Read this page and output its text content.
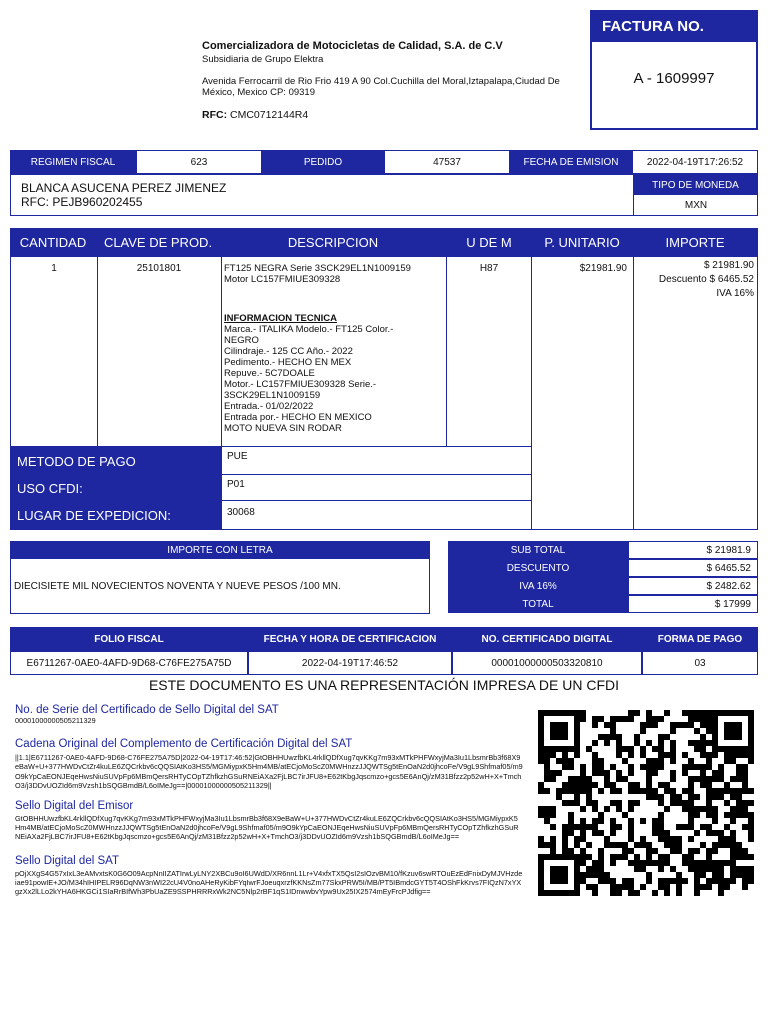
Comercializadora de Motocicletas de Calidad, S.A. de C.V
Subsidiaria de Grupo Elektra
Avenida Ferrocarril de Rio Frio 419 A 90 Col.Cuchilla del Moral,Iztapalapa,Ciudad De México, Mexico CP: 09319
RFC: CMC0712144R4
FACTURA NO.
A - 1609997
REGIMEN FISCAL	623	PEDIDO	47537	FECHA DE EMISION	2022-04-19T17:26:52
BLANCA ASUCENA PEREZ JIMENEZ
RFC: PEJB960202455
TIPO DE MONEDA
MXN
CANTIDAD	CLAVE DE PROD.	DESCRIPCION	U DE M	P. UNITARIO	IMPORTE
1	25101801	FT125 NEGRA Serie 3SCK29EL1N1009159
Motor LC157FMIUE309328
INFORMACION TECNICA
Marca.- ITALIKA Modelo.- FT125 Color.-
NEGRO
Cilindraje.- 125 CC Año.- 2022
Pedimento.- HECHO EN MEX
Repuve.- 5C7DOALE
Motor.- LC157FMIUE309328 Serie.-
3SCK29EL1N1009159
Entrada.- 01/02/2022
Entrada por.- HECHO EN MEXICO
MOTO NUEVA SIN RODAR
H87	$21981.90	$ 21981.90
Descuento $ 6465.52
IVA 16%
METODO DE PAGO	PUE
USO CFDI:	P01
LUGAR DE EXPEDICION:	30068
IMPORTE CON LETRA
DIECISIETE MIL NOVECIENTOS NOVENTA Y NUEVE PESOS /100 MN.
SUB TOTAL	$ 21981.9
DESCUENTO	$ 6465.52
IVA 16%	$ 2482.62
TOTAL	$ 17999
FOLIO FISCAL	FECHA Y HORA DE CERTIFICACION	NO. CERTIFICADO DIGITAL	FORMA DE PAGO
E6711267-0AE0-4AFD-9D68-C76FE275A75D	2022-04-19T17:46:52	00001000000503320810	03
ESTE DOCUMENTO ES UNA REPRESENTACIÓN IMPRESA DE UN CFDI
No. de Serie del Certificado de Sello Digital del SAT
00001000000505211329
Cadena Original del Complemento de Certificación Digital del SAT
||1.1|E6711267-0AE0-4AFD-9D68-C76FE275A75D|2022-04-19T17:46:52|GtOBHHUwzfbKL4rkllQDfXug7qvKKg7m93xMTkPHFWxyjMa3Iu1LbsmrBb3f68X9eBaW+U+377HWDvCtZr4kuLE6ZQCrkbv6cQQSIAtKo3HS5/MGMiypxK5Hm4MB/atECjoMoScZ0MWHnzzJJQWTSg5tEnOaN2d0jhcoFe/V9gL9Shfmaf05/m9O9kYpCaEONJEqeHwsNiuSUVpFp6MBmQersRHTyCOpTZhfkzhGSuRNEiAXa2FjLBC7irJFU8+E62tKbgJqscmzo+gcs5E6AnQj/zM31Bfzz2p52wH+X+TmchO3/j3DDvUOZId6m9Vzsh1bSQGBmdB/L6oIMeJg==|00001000000505211329||
Sello Digital del Emisor
GtOBHHUwzfbKL4rkllQDfXug7qvKKg7m93xMTkPHFWxyjMa3Iu1LbsmrBb3f68X9eBaW+U+377HWDvCtZr4kuLE6ZQCrkbv6cQQSIAtKo3HS5/MGMiypxK5Hm4MB/atECjoMoScZ0MWHnzzJJQWTSg5tEnOaN2d0jhcoFe/V9gL9Shfmaf05/m9O9kYpCaEONJEqeHwsNiuSUVpFp6MBmQersRHTyCOpTZhfkzhGSuRNEiAXa2FjLBC7irJFU8+E62tKbgJqscmzo+gcs5E6AnQj/zM31Bfzz2p52wH+X+TmchO3/j3DDvUOZId6m9Vzsh1bSQGBmdB/L6oIMeJg==
Sello Digital del SAT
pOjXXgS4G57xIxL3eAMvxtsK0G6O09AcpNnIIZATIrwLyLNY2XBCu9oI6UWdD/XR6nnL1Lr+V4xfxTX5QsI2sIOzvBM10/fKzuv6swRTOuEzEdFnixDyMJVHzdeiae91powIE+JO/M34hIHIPELR96DqNW3nWI22cU4V0noAHeRyKibFYqIwrFJoeuqxrzfKKNsZm77SkxPRW5I/MB/PT5IBmdcGYT5T4OShFkKrvs7FIQzN7xYXgzXx2lLLo2kYHA6HKGCi1SIaRrBIfWh3PbUaZE9SSPHRRRxWk2NC5Nlp2rBF1qS1IDnwwbvYpw9Ux25IX2574mEyFrcPJdfig==
